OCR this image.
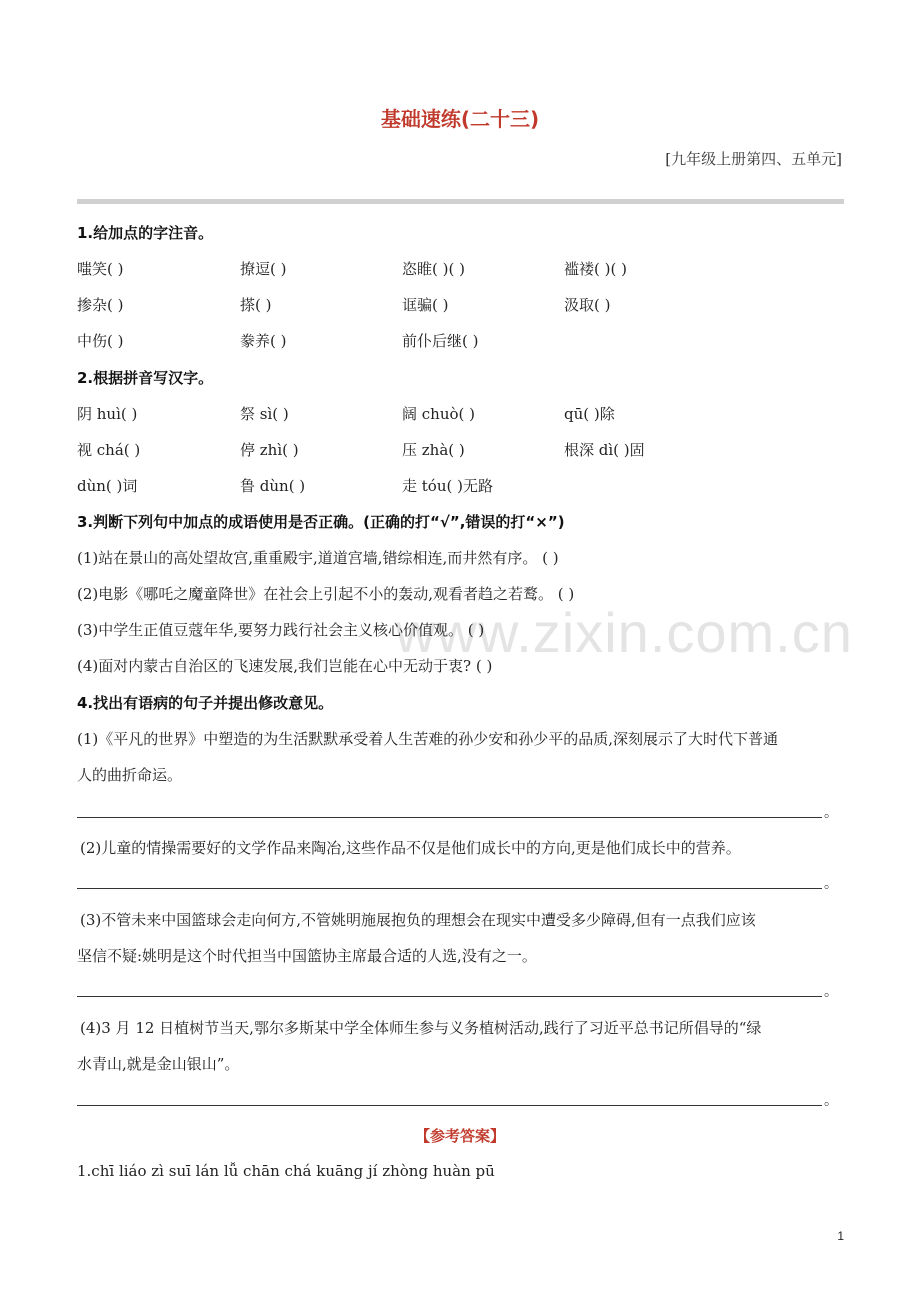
基础速练(二十三)
[九年级上册第四、五单元]
www.zixin.com.cn
1.给加点的字注音。
嗤笑( )	撩逗( )	恣睢( )( )	褴褛( )( )
掺杂( )	搽( )	诓骗( )	汲取( )
中伤( )	豢养( )	前仆后继( )
2.根据拼音写汉字。
阴 huì( )	祭 sì( )	阔 chuò( )	qū( )除
视 chá( )	停 zhì( )	压 zhà( )	根深 dì( )固
dùn( )词	鲁 dùn( )	走 tóu( )无路
3.判断下列句中加点的成语使用是否正确。(正确的打“√”,错误的打“×”)
(1)站在景山的高处望故宫,重重殿宇,道道宫墙,错综相连,而井然有序。 ( )
(2)电影《哪吒之魔童降世》在社会上引起不小的轰动,观看者趋之若鹜。 ( )
(3)中学生正值豆蔻年华,要努力践行社会主义核心价值观。 ( )
(4)面对内蒙古自治区的飞速发展,我们岂能在心中无动于衷? ( )
4.找出有语病的句子并提出修改意见。
(1)《平凡的世界》中塑造的为生活默默承受着人生苦难的孙少安和孙少平的品质,深刻展示了大时代下普通
人的曲折命运。
。
(2)儿童的情操需要好的文学作品来陶冶,这些作品不仅是他们成长中的方向,更是他们成长中的营养。
。
(3)不管未来中国篮球会走向何方,不管姚明施展抱负的理想会在现实中遭受多少障碍,但有一点我们应该
坚信不疑:姚明是这个时代担当中国篮协主席最合适的人选,没有之一。
。
(4)3 月 12 日植树节当天,鄂尔多斯某中学全体师生参与义务植树活动,践行了习近平总书记所倡导的“绿
水青山,就是金山银山”。
。
【参考答案】
1.chī liáo zì suī lán lǚ chān chá kuāng jí zhòng huàn pū
1
